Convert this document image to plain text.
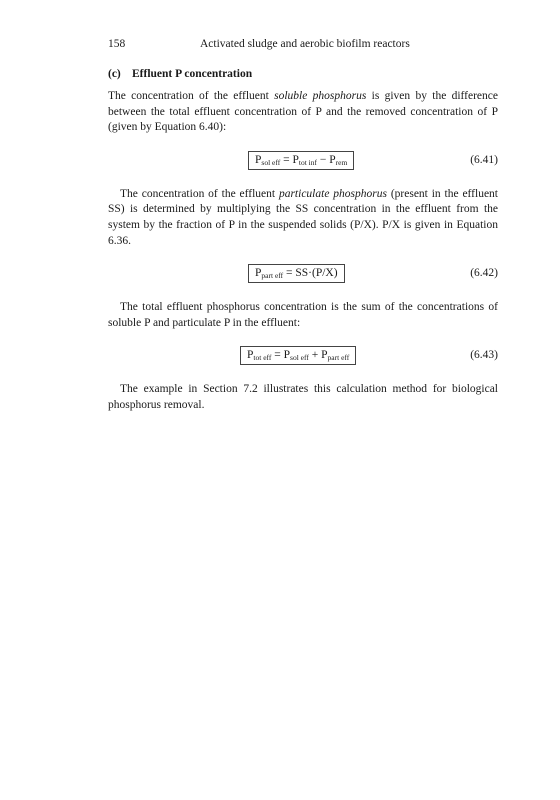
158	Activated sludge and aerobic biofilm reactors
(c) Effluent P concentration

The concentration of the effluent soluble phosphorus is given by the difference between the total effluent concentration of P and the removed concentration of P (given by Equation 6.40):

$P_{sol eff} = P_{tot inf} - P_{rem}$	(6.41)

The concentration of the effluent particulate phosphorus (present in the effluent SS) is determined by multiplying the SS concentration in the effluent from the system by the fraction of P in the suspended solids (P/X). P/X is given in Equation 6.36.

$P_{part eff} = SS\cdot(P/X)$	(6.42)

The total effluent phosphorus concentration is the sum of the concentrations of soluble P and particulate P in the effluent:

$P_{tot eff} = P_{sol eff} + P_{part eff}$	(6.43)

The example in Section 7.2 illustrates this calculation method for biological phosphorus removal.
